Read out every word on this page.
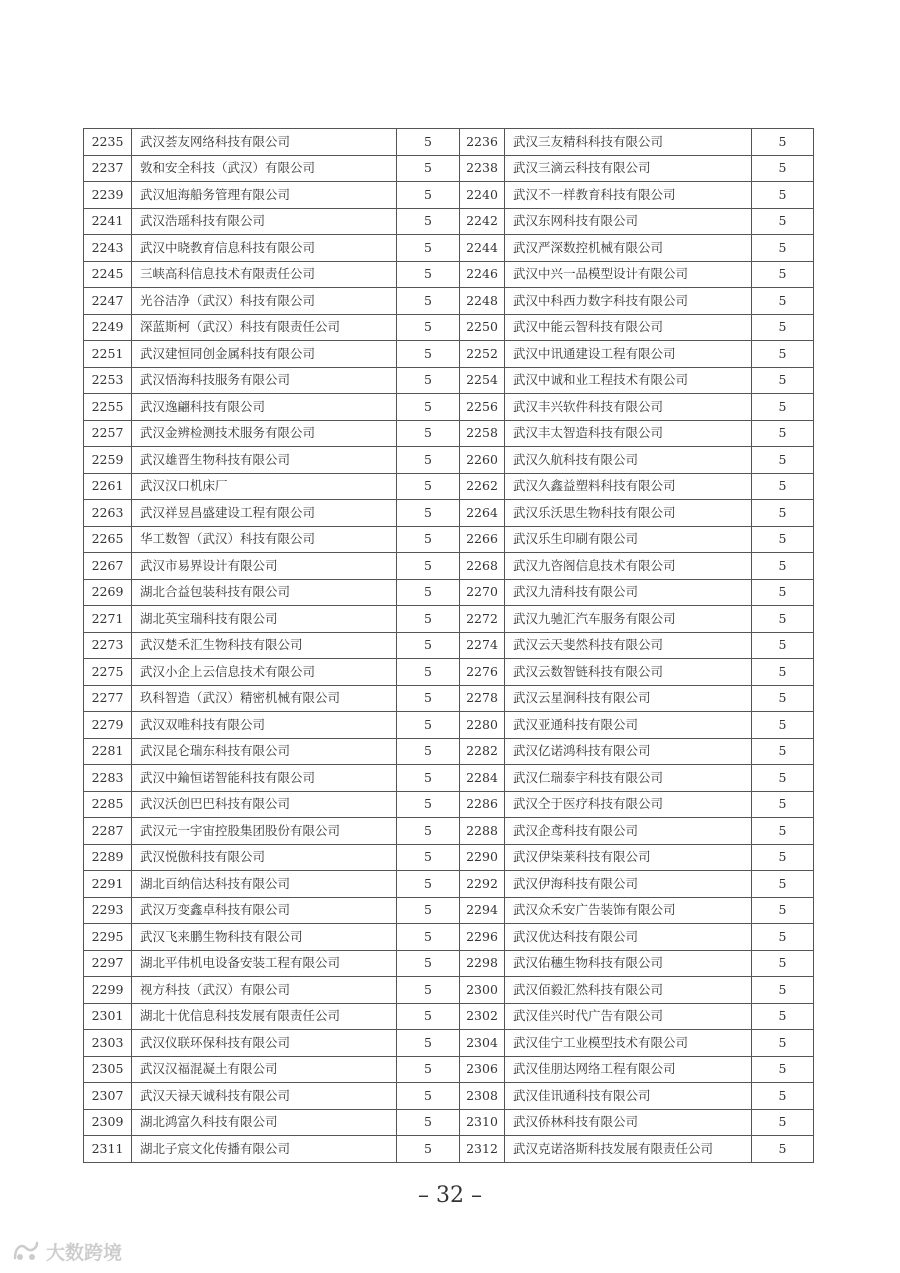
2235	武汉荟友网络科技有限公司	5	2236	武汉三友精科科技有限公司	5
2237	敦和安全科技（武汉）有限公司	5	2238	武汉三滴云科技有限公司	5
2239	武汉旭海船务管理有限公司	5	2240	武汉不一样教育科技有限公司	5
2241	武汉浩瑶科技有限公司	5	2242	武汉东网科技有限公司	5
2243	武汉中晓教育信息科技有限公司	5	2244	武汉严深数控机械有限公司	5
2245	三峡高科信息技术有限责任公司	5	2246	武汉中兴一品模型设计有限公司	5
2247	光谷洁净（武汉）科技有限公司	5	2248	武汉中科西力数字科技有限公司	5
2249	深蓝斯柯（武汉）科技有限责任公司	5	2250	武汉中能云智科技有限公司	5
2251	武汉建恒同创金属科技有限公司	5	2252	武汉中讯通建设工程有限公司	5
2253	武汉悟海科技服务有限公司	5	2254	武汉中诚和业工程技术有限公司	5
2255	武汉逸翩科技有限公司	5	2256	武汉丰兴软件科技有限公司	5
2257	武汉金辨检测技术服务有限公司	5	2258	武汉丰太智造科技有限公司	5
2259	武汉雄晋生物科技有限公司	5	2260	武汉久航科技有限公司	5
2261	武汉汉口机床厂	5	2262	武汉久鑫益塑料科技有限公司	5
2263	武汉祥昱昌盛建设工程有限公司	5	2264	武汉乐沃思生物科技有限公司	5
2265	华工数智（武汉）科技有限公司	5	2266	武汉乐生印刷有限公司	5
2267	武汉市易界设计有限公司	5	2268	武汉九咨阁信息技术有限公司	5
2269	湖北合益包装科技有限公司	5	2270	武汉九清科技有限公司	5
2271	湖北英宝瑞科技有限公司	5	2272	武汉九驰汇汽车服务有限公司	5
2273	武汉楚禾汇生物科技有限公司	5	2274	武汉云天斐然科技有限公司	5
2275	武汉小企上云信息技术有限公司	5	2276	武汉云数智链科技有限公司	5
2277	玖科智造（武汉）精密机械有限公司	5	2278	武汉云星涧科技有限公司	5
2279	武汉双唯科技有限公司	5	2280	武汉亚通科技有限公司	5
2281	武汉昆仑瑞东科技有限公司	5	2282	武汉亿诺鸿科技有限公司	5
2283	武汉中錀恒诺智能科技有限公司	5	2284	武汉仁瑞泰宇科技有限公司	5
2285	武汉沃创巴巴科技有限公司	5	2286	武汉仝于医疗科技有限公司	5
2287	武汉元一宇宙控股集团股份有限公司	5	2288	武汉企鸢科技有限公司	5
2289	武汉悦傲科技有限公司	5	2290	武汉伊柒莱科技有限公司	5
2291	湖北百纳信达科技有限公司	5	2292	武汉伊海科技有限公司	5
2293	武汉万变鑫卓科技有限公司	5	2294	武汉众禾安广告装饰有限公司	5
2295	武汉飞来鹏生物科技有限公司	5	2296	武汉优达科技有限公司	5
2297	湖北平伟机电设备安装工程有限公司	5	2298	武汉佑穗生物科技有限公司	5
2299	视方科技（武汉）有限公司	5	2300	武汉佰毅汇然科技有限公司	5
2301	湖北十优信息科技发展有限责任公司	5	2302	武汉佳兴时代广告有限公司	5
2303	武汉仪联环保科技有限公司	5	2304	武汉佳宁工业模型技术有限公司	5
2305	武汉汉福混凝土有限公司	5	2306	武汉佳朋达网络工程有限公司	5
2307	武汉天禄天诚科技有限公司	5	2308	武汉佳讯通科技有限公司	5
2309	湖北鸿富久科技有限公司	5	2310	武汉侨林科技有限公司	5
2311	湖北子宸文化传播有限公司	5	2312	武汉克诺洛斯科技发展有限责任公司	5
– 32 –
大数跨境
